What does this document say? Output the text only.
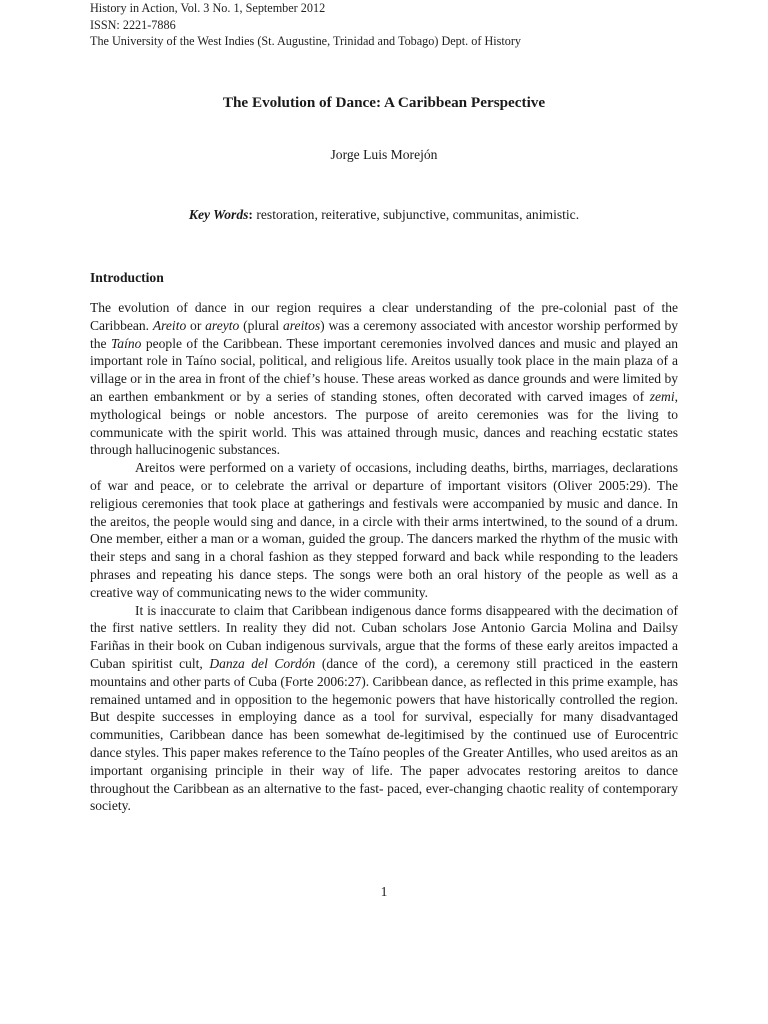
History in Action, Vol. 3 No. 1, September 2012
ISSN: 2221-7886
The University of the West Indies (St. Augustine, Trinidad and Tobago) Dept. of History
The Evolution of Dance: A Caribbean Perspective
Jorge Luis Morejón
Key Words: restoration, reiterative, subjunctive, communitas, animistic.
Introduction

The evolution of dance in our region requires a clear understanding of the pre-colonial past of the Caribbean. Areito or areyto (plural areitos) was a ceremony associated with ancestor worship performed by the Taíno people of the Caribbean. These important ceremonies involved dances and music and played an important role in Taíno social, political, and religious life. Areitos usually took place in the main plaza of a village or in the area in front of the chief’s house. These areas worked as dance grounds and were limited by an earthen embankment or by a series of standing stones, often decorated with carved images of zemi, mythological beings or noble ancestors. The purpose of areito ceremonies was for the living to communicate with the spirit world. This was attained through music, dances and reaching ecstatic states through hallucinogenic substances.

Areitos were performed on a variety of occasions, including deaths, births, marriages, declarations of war and peace, or to celebrate the arrival or departure of important visitors (Oliver 2005:29). The religious ceremonies that took place at gatherings and festivals were accompanied by music and dance. In the areitos, the people would sing and dance, in a circle with their arms intertwined, to the sound of a drum. One member, either a man or a woman, guided the group. The dancers marked the rhythm of the music with their steps and sang in a choral fashion as they stepped forward and back while responding to the leaders phrases and repeating his dance steps. The songs were both an oral history of the people as well as a creative way of communicating news to the wider community.

It is inaccurate to claim that Caribbean indigenous dance forms disappeared with the decimation of the first native settlers. In reality they did not. Cuban scholars Jose Antonio Garcia Molina and Dailsy Fariñas in their book on Cuban indigenous survivals, argue that the forms of these early areitos impacted a Cuban spiritist cult, Danza del Cordón (dance of the cord), a ceremony still practiced in the eastern mountains and other parts of Cuba (Forte 2006:27). Caribbean dance, as reflected in this prime example, has remained untamed and in opposition to the hegemonic powers that have historically controlled the region. But despite successes in employing dance as a tool for survival, especially for many disadvantaged communities, Caribbean dance has been somewhat de-legitimised by the continued use of Eurocentric dance styles. This paper makes reference to the Taíno peoples of the Greater Antilles, who used areitos as an important organising principle in their way of life. The paper advocates restoring areitos to dance throughout the Caribbean as an alternative to the fast- paced, ever-changing chaotic reality of contemporary society.

1
